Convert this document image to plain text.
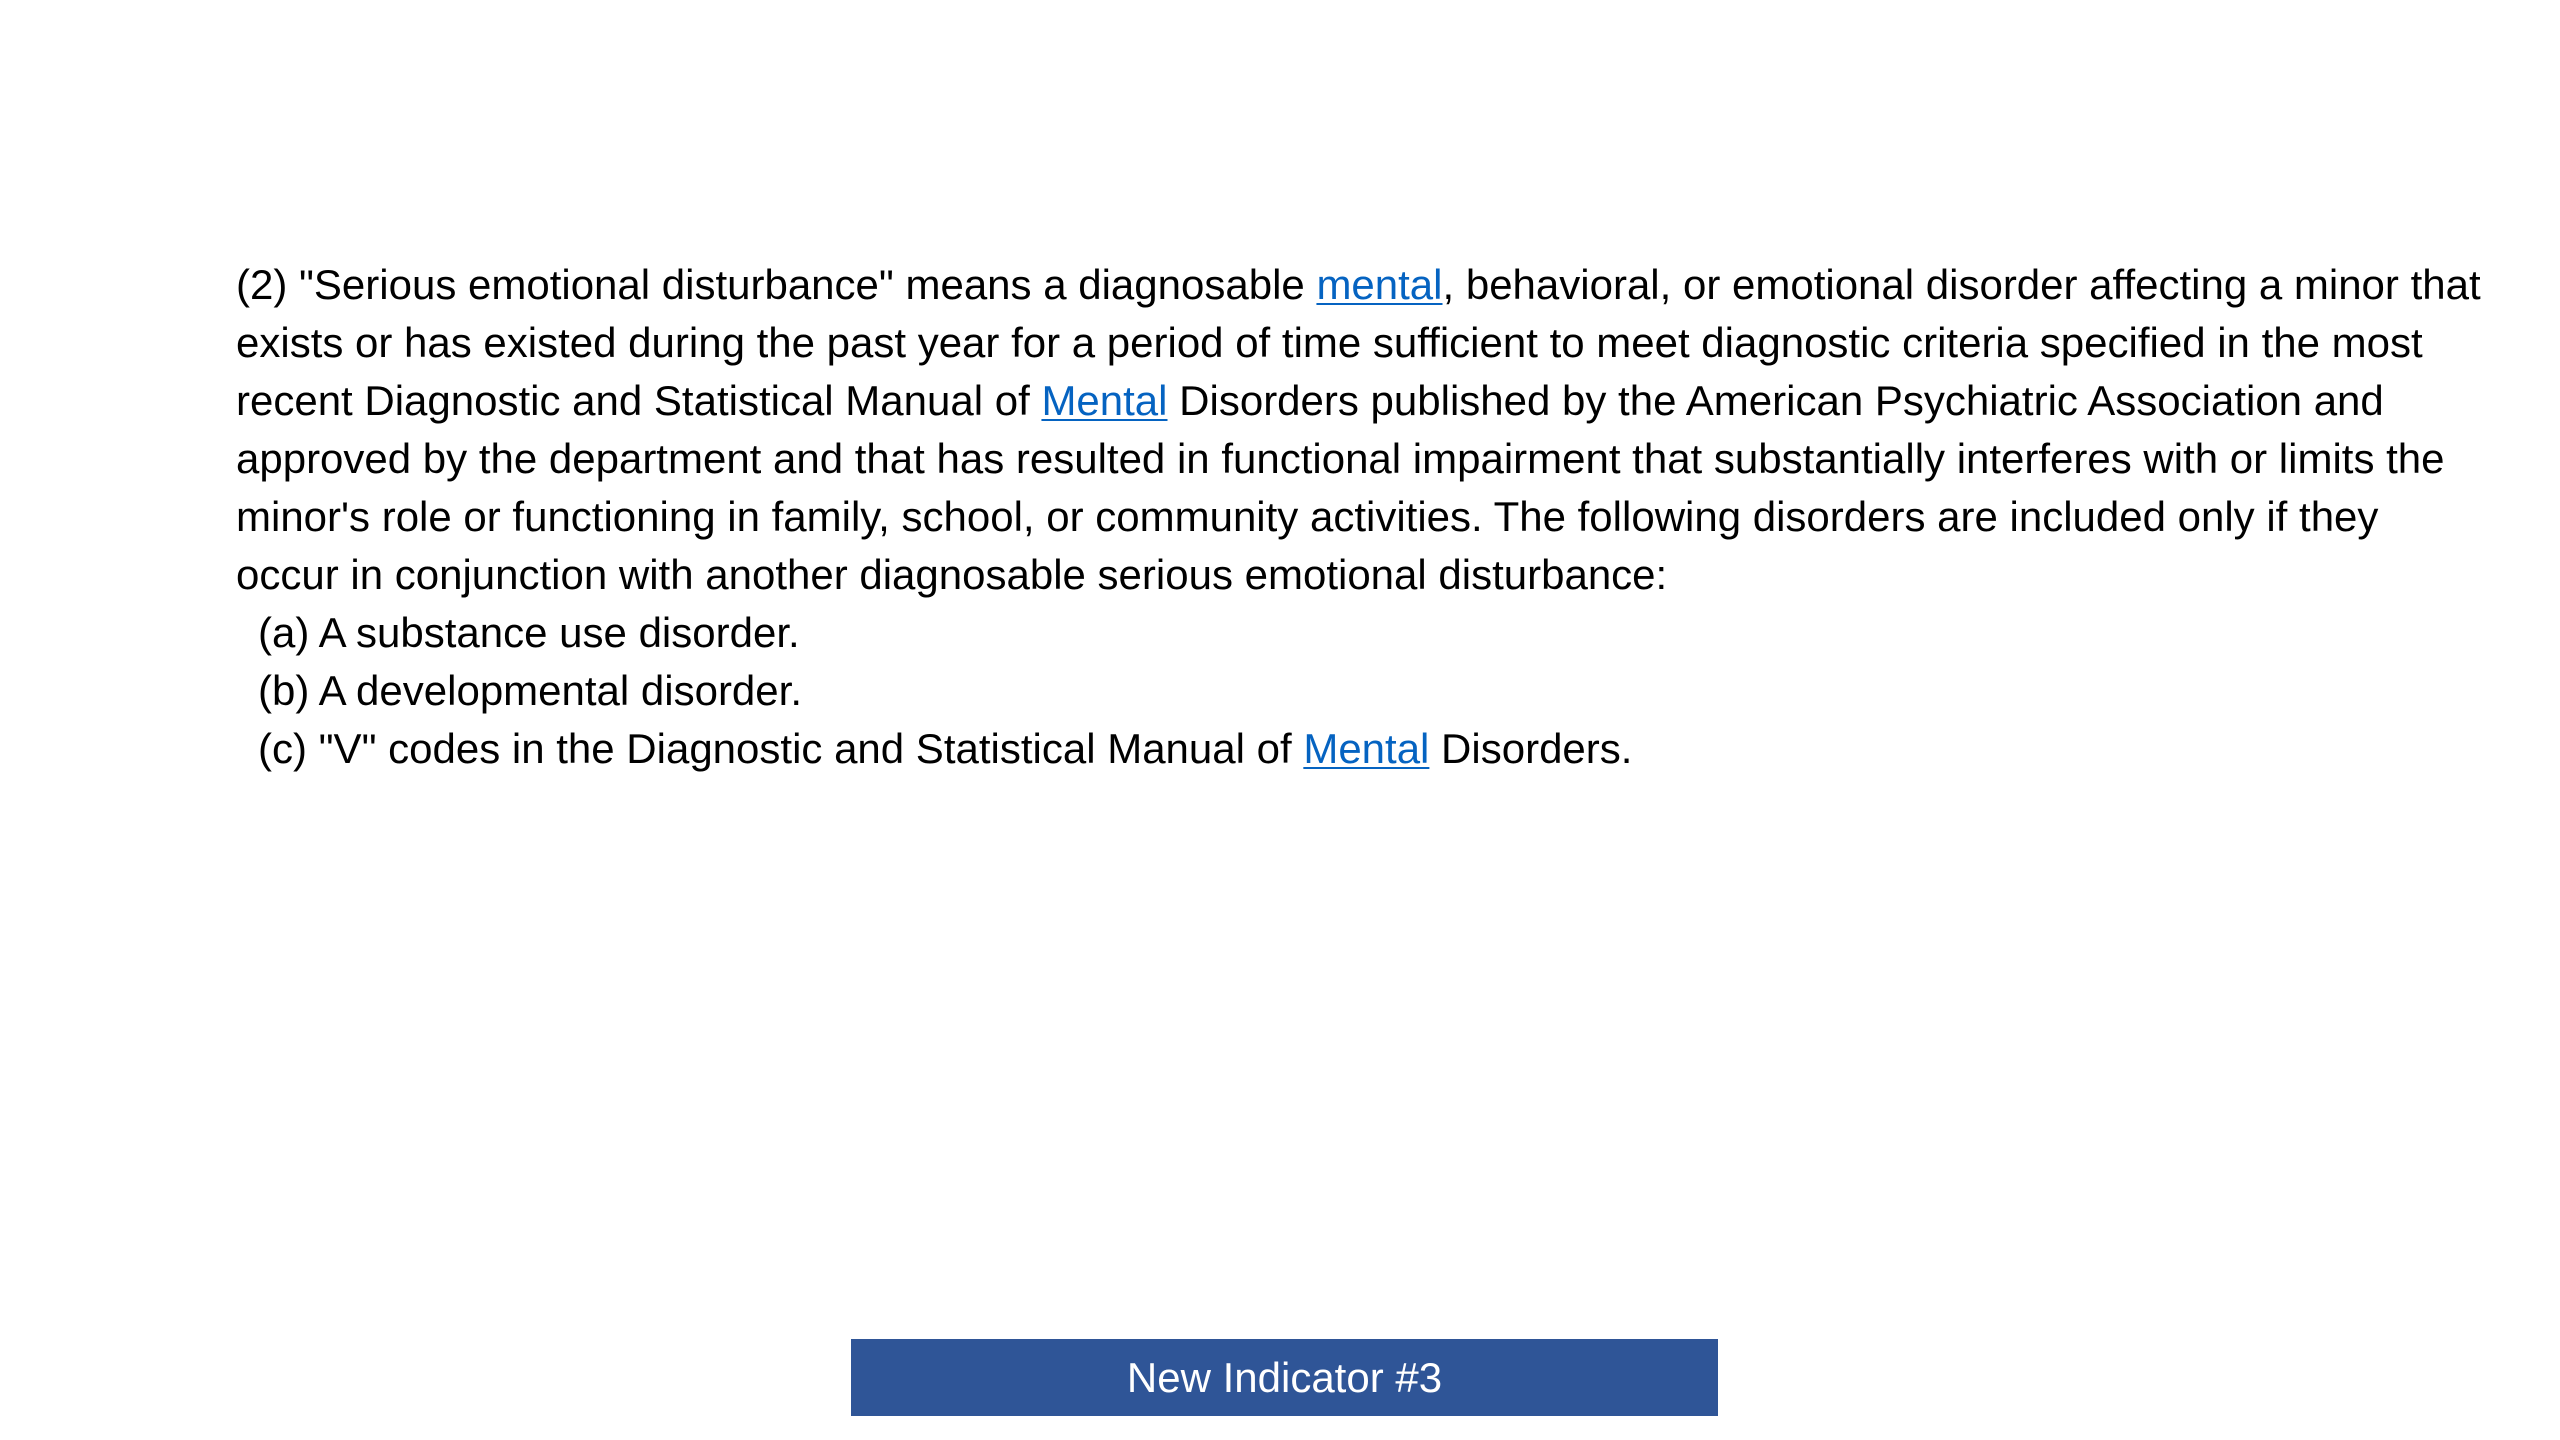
(2) "Serious emotional disturbance" means a diagnosable mental, behavioral, or emotional disorder affecting a minor that exists or has existed during the past year for a period of time sufficient to meet diagnostic criteria specified in the most recent Diagnostic and Statistical Manual of Mental Disorders published by the American Psychiatric Association and approved by the department and that has resulted in functional impairment that substantially interferes with or limits the minor's role or functioning in family, school, or community activities. The following disorders are included only if they occur in conjunction with another diagnosable serious emotional disturbance:

(a) A substance use disorder.

(b) A developmental disorder.

(c) "V" codes in the Diagnostic and Statistical Manual of Mental Disorders.

New Indicator #3
